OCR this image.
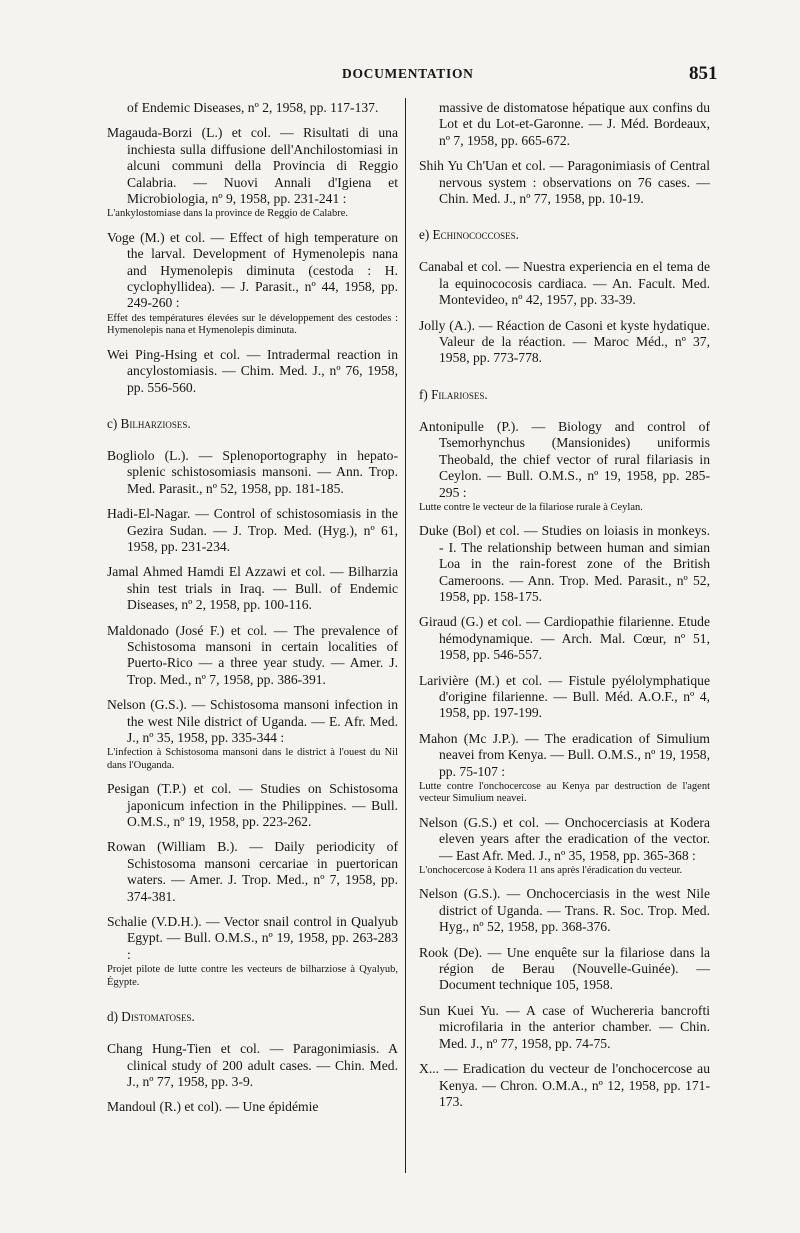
DOCUMENTATION	851
of Endemic Diseases, nº 2, 1958, pp. 117-137.
Magauda-Borzi (L.) et col. — Risultati di una inchiesta sulla diffusione dell'Anchilostomiasi in alcuni communi della Provincia di Reggio Calabria. — Nuovi Annali d'Igiena et Microbiologia, nº 9, 1958, pp. 231-241 :
L'ankylostomiase dans la province de Reggio de Calabre.
Voge (M.) et col. — Effect of high temperature on the larval. Development of Hymenolepis nana and Hymenolepis diminuta (cestoda : H. cyclophyllidea). — J. Parasit., nº 44, 1958, pp. 249-260 :
Effet des températures élevées sur le développement des cestodes : Hymenolepis nana et Hymenolepis diminuta.
Wei Ping-Hsing et col. — Intradermal reaction in ancylostomiasis. — Chim. Med. J., nº 76, 1958, pp. 556-560.
c) Bilharzioses.
Bogliolo (L.). — Splenoportography in hepato-splenic schistosomiasis mansoni. — Ann. Trop. Med. Parasit., nº 52, 1958, pp. 181-185.
Hadi-El-Nagar. — Control of schistosomiasis in the Gezira Sudan. — J. Trop. Med. (Hyg.), nº 61, 1958, pp. 231-234.
Jamal Ahmed Hamdi El Azzawi et col. — Bilharzia shin test trials in Iraq. — Bull. of Endemic Diseases, nº 2, 1958, pp. 100-116.
Maldonado (José F.) et col. — The prevalence of Schistosoma mansoni in certain localities of Puerto-Rico — a three year study. — Amer. J. Trop. Med., nº 7, 1958, pp. 386-391.
Nelson (G.S.). — Schistosoma mansoni infection in the west Nile district of Uganda. — E. Afr. Med. J., nº 35, 1958, pp. 335-344 :
L'infection à Schistosoma mansoni dans le district à l'ouest du Nil dans l'Ouganda.
Pesigan (T.P.) et col. — Studies on Schistosoma japonicum infection in the Philippines. — Bull. O.M.S., nº 19, 1958, pp. 223-262.
Rowan (William B.). — Daily periodicity of Schistosoma mansoni cercariae in puertorican waters. — Amer. J. Trop. Med., nº 7, 1958, pp. 374-381.
Schalie (V.D.H.). — Vector snail control in Qualyub Egypt. — Bull. O.M.S., nº 19, 1958, pp. 263-283 :
Projet pilote de lutte contre les vecteurs de bilharziose à Qyalyub, Égypte.
d) Distomatoses.
Chang Hung-Tien et col. — Paragonimiasis. A clinical study of 200 adult cases. — Chin. Med. J., nº 77, 1958, pp. 3-9.
Mandoul (R.) et col). — Une épidémie
massive de distomatose hépatique aux confins du Lot et du Lot-et-Garonne. — J. Méd. Bordeaux, nº 7, 1958, pp. 665-672.
Shih Yu Ch'Uan et col. — Paragonimiasis of Central nervous system : observations on 76 cases. — Chin. Med. J., nº 77, 1958, pp. 10-19.
e) Echinococcoses.
Canabal et col. — Nuestra experiencia en el tema de la equinococosis cardiaca. — An. Facult. Med. Montevideo, nº 42, 1957, pp. 33-39.
Jolly (A.). — Réaction de Casoni et kyste hydatique. Valeur de la réaction. — Maroc Méd., nº 37, 1958, pp. 773-778.
f) Filarioses.
Antonipulle (P.). — Biology and control of Tsemorhynchus (Mansionides) uniformis Theobald, the chief vector of rural filariasis in Ceylon. — Bull. O.M.S., nº 19, 1958, pp. 285-295 :
Lutte contre le vecteur de la filariose rurale à Ceylan.
Duke (Bol) et col. — Studies on loiasis in monkeys. - I. The relationship between human and simian Loa in the rain-forest zone of the British Cameroons. — Ann. Trop. Med. Parasit., nº 52, 1958, pp. 158-175.
Giraud (G.) et col. — Cardiopathie filarienne. Etude hémodynamique. — Arch. Mal. Cœur, nº 51, 1958, pp. 546-557.
Larivière (M.) et col. — Fistule pyélolymphatique d'origine filarienne. — Bull. Méd. A.O.F., nº 4, 1958, pp. 197-199.
Mahon (Mc J.P.). — The eradication of Simulium neavei from Kenya. — Bull. O.M.S., nº 19, 1958, pp. 75-107 :
Lutte contre l'onchocercose au Kenya par destruction de l'agent vecteur Simulium neavei.
Nelson (G.S.) et col. — Onchocerciasis at Kodera eleven years after the eradication of the vector. — East Afr. Med. J., nº 35, 1958, pp. 365-368 :
L'onchocercose à Kodera 11 ans après l'éradication du vecteur.
Nelson (G.S.). — Onchocerciasis in the west Nile district of Uganda. — Trans. R. Soc. Trop. Med. Hyg., nº 52, 1958, pp. 368-376.
Rook (De). — Une enquête sur la filariose dans la région de Berau (Nouvelle-Guinée). — Document technique 105, 1958.
Sun Kuei Yu. — A case of Wuchereria bancrofti microfilaria in the anterior chamber. — Chin. Med. J., nº 77, 1958, pp. 74-75.
X... — Eradication du vecteur de l'onchocercose au Kenya. — Chron. O.M.A., nº 12, 1958, pp. 171-173.
